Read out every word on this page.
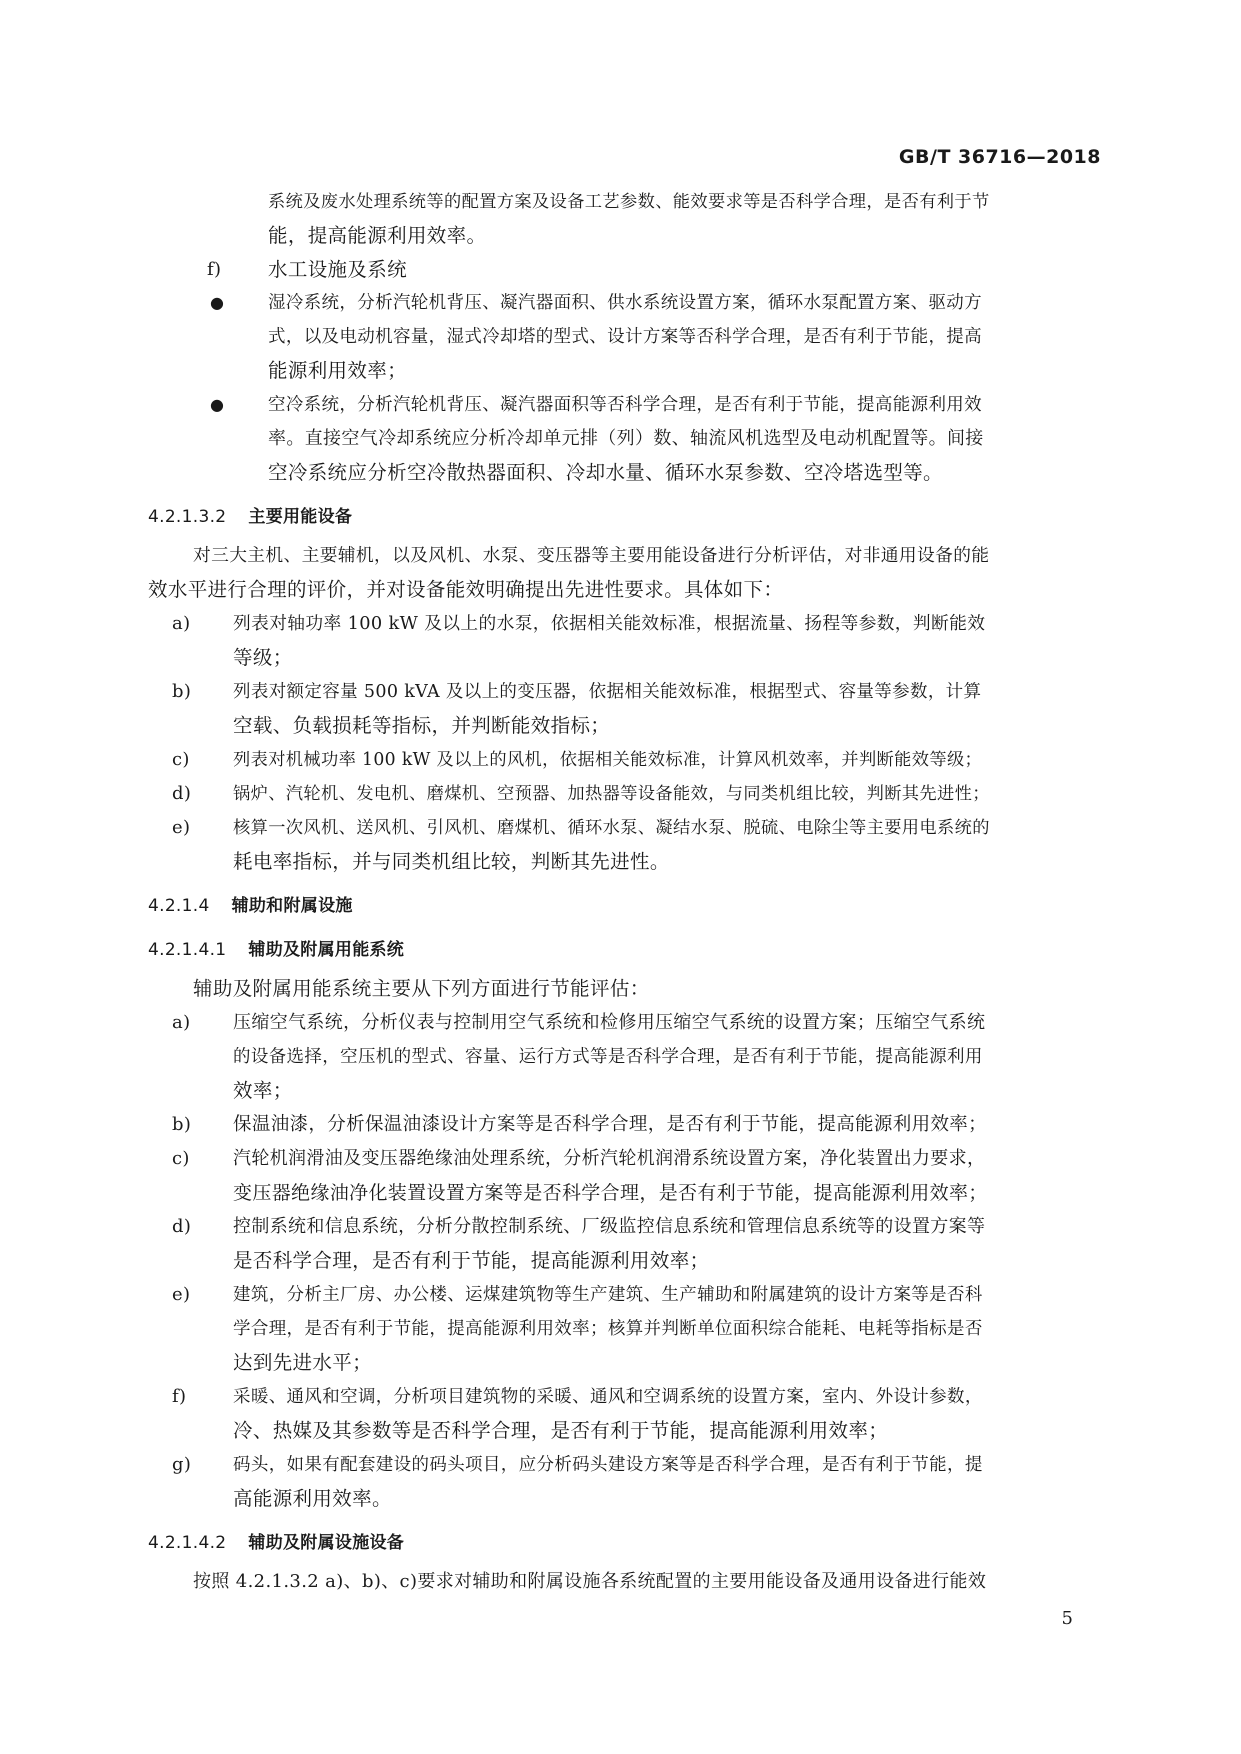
GB/T 36716—2018
系统及废水处理系统等的配置方案及设备工艺参数、能效要求等是否科学合理，是否有利于节
能，提高能源利用效率。
f) 水工设施及系统
● 湿冷系统，分析汽轮机背压、凝汽器面积、供水系统设置方案，循环水泵配置方案、驱动方
式，以及电动机容量，湿式冷却塔的型式、设计方案等否科学合理，是否有利于节能，提高
能源利用效率；
● 空冷系统，分析汽轮机背压、凝汽器面积等否科学合理，是否有利于节能，提高能源利用效
率。直接空气冷却系统应分析冷却单元排（列）数、轴流风机选型及电动机配置等。间接
空冷系统应分析空冷散热器面积、冷却水量、循环水泵参数、空冷塔选型等。
4.2.1.3.2 主要用能设备
对三大主机、主要辅机，以及风机、水泵、变压器等主要用能设备进行分析评估，对非通用设备的能
效水平进行合理的评价，并对设备能效明确提出先进性要求。具体如下：
a) 列表对轴功率 100 kW 及以上的水泵，依据相关能效标准，根据流量、扬程等参数，判断能效
等级；
b) 列表对额定容量 500 kVA 及以上的变压器，依据相关能效标准，根据型式、容量等参数，计算
空载、负载损耗等指标，并判断能效指标；
c)	列表对机械功率 100 kW 及以上的风机，依据相关能效标准，计算风机效率，并判断能效等级；
d) 锅炉、汽轮机、发电机、磨煤机、空预器、加热器等设备能效，与同类机组比较，判断其先进性；
e) 核算一次风机、送风机、引风机、磨煤机、循环水泵、凝结水泵、脱硫、电除尘等主要用电系统的
耗电率指标，并与同类机组比较，判断其先进性。
4.2.1.4 辅助和附属设施
4.2.1.4.1 辅助及附属用能系统
辅助及附属用能系统主要从下列方面进行节能评估：
a) 压缩空气系统，分析仪表与控制用空气系统和检修用压缩空气系统的设置方案；压缩空气系统
的设备选择，空压机的型式、容量、运行方式等是否科学合理，是否有利于节能，提高能源利用
效率；
b) 保温油漆，分析保温油漆设计方案等是否科学合理，是否有利于节能，提高能源利用效率；
c) 汽轮机润滑油及变压器绝缘油处理系统，分析汽轮机润滑系统设置方案，净化装置出力要求，
变压器绝缘油净化装置设置方案等是否科学合理，是否有利于节能，提高能源利用效率；
d) 控制系统和信息系统，分析分散控制系统、厂级监控信息系统和管理信息系统等的设置方案等
是否科学合理，是否有利于节能，提高能源利用效率；
e) 建筑，分析主厂房、办公楼、运煤建筑物等生产建筑、生产辅助和附属建筑的设计方案等是否科
学合理，是否有利于节能，提高能源利用效率；核算并判断单位面积综合能耗、电耗等指标是否
达到先进水平；
f)	采暖、通风和空调，分析项目建筑物的采暖、通风和空调系统的设置方案，室内、外设计参数，
冷、热媒及其参数等是否科学合理，是否有利于节能，提高能源利用效率；
g) 码头，如果有配套建设的码头项目，应分析码头建设方案等是否科学合理，是否有利于节能，提
高能源利用效率。
4.2.1.4.2 辅助及附属设施设备
按照 4.2.1.3.2 a)、b)、c)要求对辅助和附属设施各系统配置的主要用能设备及通用设备进行能效
5
